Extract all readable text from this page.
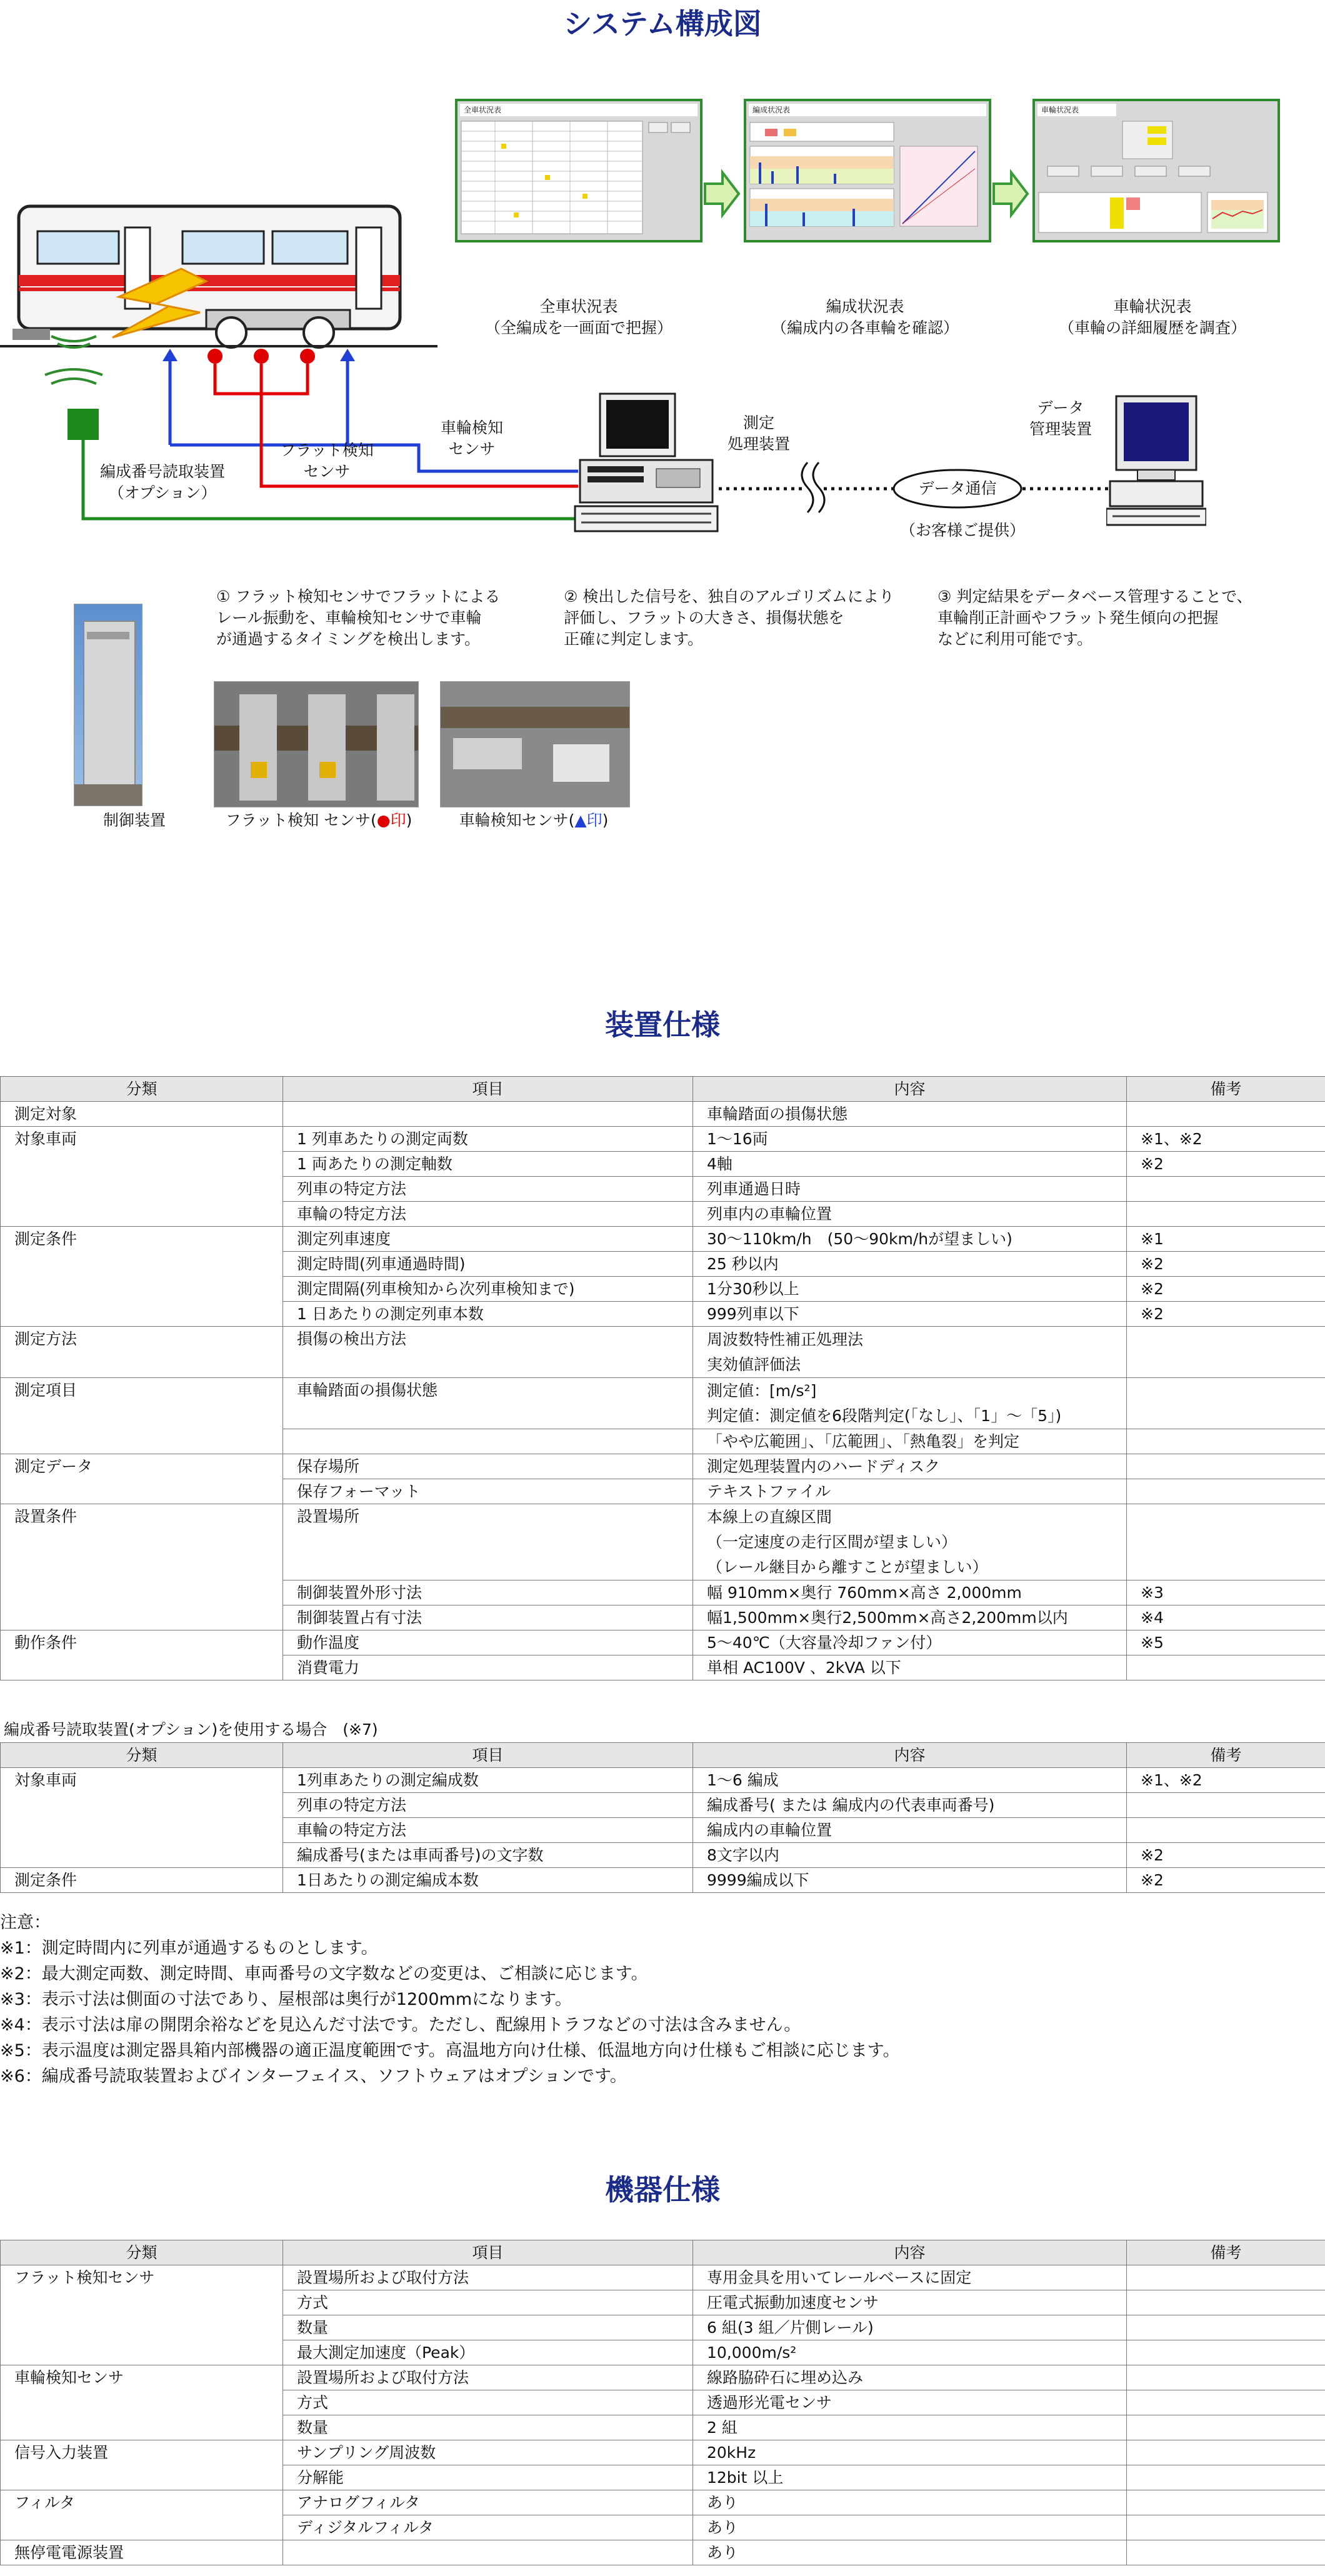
システム構成図
全車状況表	編成状況表	車輪状況表
全車状況表
（全編成を一画面で把握）
編成状況表
（編成内の各車輪を確認）
車輪状況表
（車輪の詳細履歴を調査）
データ通信
（お客様ご提供）
編成番号読取装置
（オプション）
フラット検知
センサ
車輪検知
センサ
測定
処理装置
データ
管理装置
① フラット検知センサでフラットによる
レール振動を、車輪検知センサで車輪
が通過するタイミングを検出します。
② 検出した信号を、独自のアルゴリズムにより
評価し、フラットの大きさ、損傷状態を
正確に判定します。
③ 判定結果をデータベース管理することで、
車輪削正計画やフラット発生傾向の把握
などに利用可能です。
制御装置	フラット検知 センサ(●印)	車輪検知センサ(▲印)
装置仕様
分類	項目	内容	備考
測定対象		車輪踏面の損傷状態	
対象車両	1 列車あたりの測定両数	1〜16両	※1、※2
	1 両あたりの測定軸数	4軸	※2
	列車の特定方法	列車通過日時	
	車輪の特定方法	列車内の車輪位置	
測定条件	測定列車速度	30〜110km/h　(50〜90km/hが望ましい)	※1
	測定時間(列車通過時間)	25 秒以内	※2
	測定間隔(列車検知から次列車検知まで)	1分30秒以上	※2
	1 日あたりの測定列車本数	999列車以下	※2
測定方法	損傷の検出方法	周波数特性補正処理法
実効値評価法	

測定項目	車輪踏面の損傷状態	測定値：[m/s²]
判定値：測定値を6段階判定(「なし」、「1」〜「5」)	

		「やや広範囲」、「広範囲」、「熱亀裂」を判定	
測定データ	保存場所	測定処理装置内のハードディスク	
	保存フォーマット	テキストファイル	
設置条件	設置場所	本線上の直線区間
（一定速度の走行区間が望ましい）
（レール継目から離すことが望ましい）	

	制御装置外形寸法	幅 910mm×奥行 760mm×高さ 2,000mm	※3
	制御装置占有寸法	幅1,500mm×奥行2,500mm×高さ2,200mm以内	※4
動作条件	動作温度	5〜40℃（大容量冷却ファン付）	※5
	消費電力	単相 AC100V 、2kVA 以下	
編成番号読取装置(オプション)を使用する場合　(※7)
分類	項目	内容	備考
対象車両	1列車あたりの測定編成数	1〜6 編成	※1、※2
	列車の特定方法	編成番号( または 編成内の代表車両番号)	
	車輪の特定方法	編成内の車輪位置	
	編成番号(または車両番号)の文字数	8文字以内	※2
測定条件	1日あたりの測定編成本数	9999編成以下	※2
注意：
※1：測定時間内に列車が通過するものとします。
※2：最大測定両数、測定時間、車両番号の文字数などの変更は、ご相談に応じます。
※3：表示寸法は側面の寸法であり、屋根部は奥行が1200mmになります。
※4：表示寸法は扉の開閉余裕などを見込んだ寸法です。ただし、配線用トラフなどの寸法は含みません。
※5：表示温度は測定器具箱内部機器の適正温度範囲です。高温地方向け仕様、低温地方向け仕様もご相談に応じます。
※6：編成番号読取装置およびインターフェイス、ソフトウェアはオプションです。
機器仕様
分類	項目	内容	備考
フラット検知センサ	設置場所および取付方法	専用金具を用いてレールベースに固定	
	方式	圧電式振動加速度センサ	
	数量	6 組(3 組／片側レール)	
	最大測定加速度（Peak）	10,000m/s²	
車輪検知センサ	設置場所および取付方法	線路脇砕石に埋め込み	
	方式	透過形光電センサ	
	数量	2 組	
信号入力装置	サンプリング周波数	20kHz	
	分解能	12bit 以上	
フィルタ	アナログフィルタ	あり	
	ディジタルフィルタ	あり	
無停電電源装置		あり	
